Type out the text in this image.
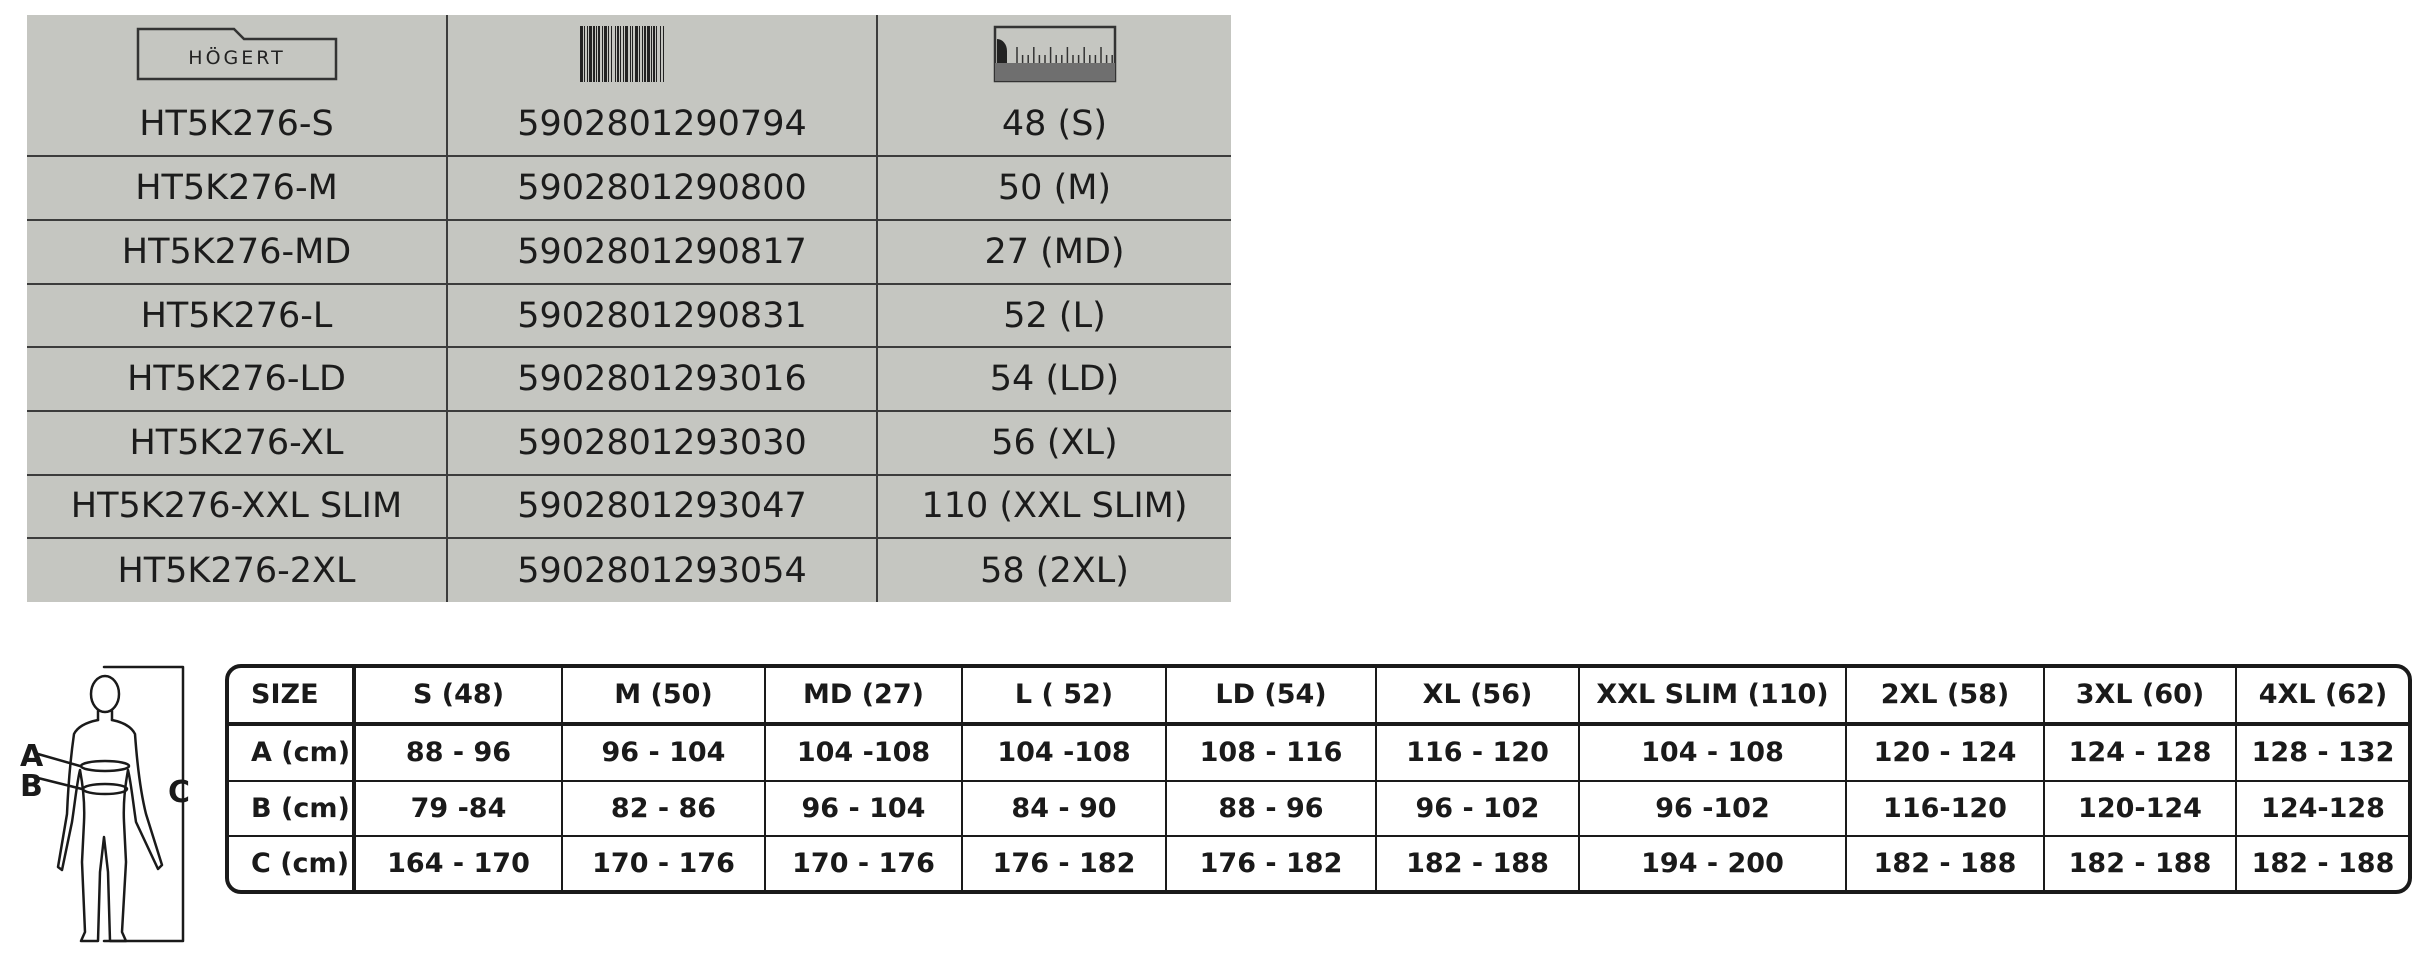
HÖGERT

HT5K276-S	5902801290794	48 (S)
HT5K276-M	5902801290800	50 (M)
HT5K276-MD	5902801290817	27 (MD)
HT5K276-L	5902801290831	52 (L)
HT5K276-LD	5902801293016	54 (LD)
HT5K276-XL	5902801293030	56 (XL)
HT5K276-XXL SLIM	5902801293047	110 (XXL SLIM)
HT5K276-2XL	5902801293054	58 (2XL)
A
B	C
SIZE	S (48)	M (50)	MD (27)	L ( 52)	LD (54)	XL (56)	XXL SLIM (110)	2XL (58)	3XL (60)	4XL (62)
A (cm)	88 - 96	96 - 104	104 -108	104 -108	108 - 116	116 - 120	104 - 108	120 - 124	124 - 128	128 - 132
B (cm)	79 -84	82 - 86	96 - 104	84 - 90	88 - 96	96 - 102	96 -102	116-120	120-124	124-128
C (cm)	164 - 170	170 - 176	170 - 176	176 - 182	176 - 182	182 - 188	194 - 200	182 - 188	182 - 188	182 - 188
